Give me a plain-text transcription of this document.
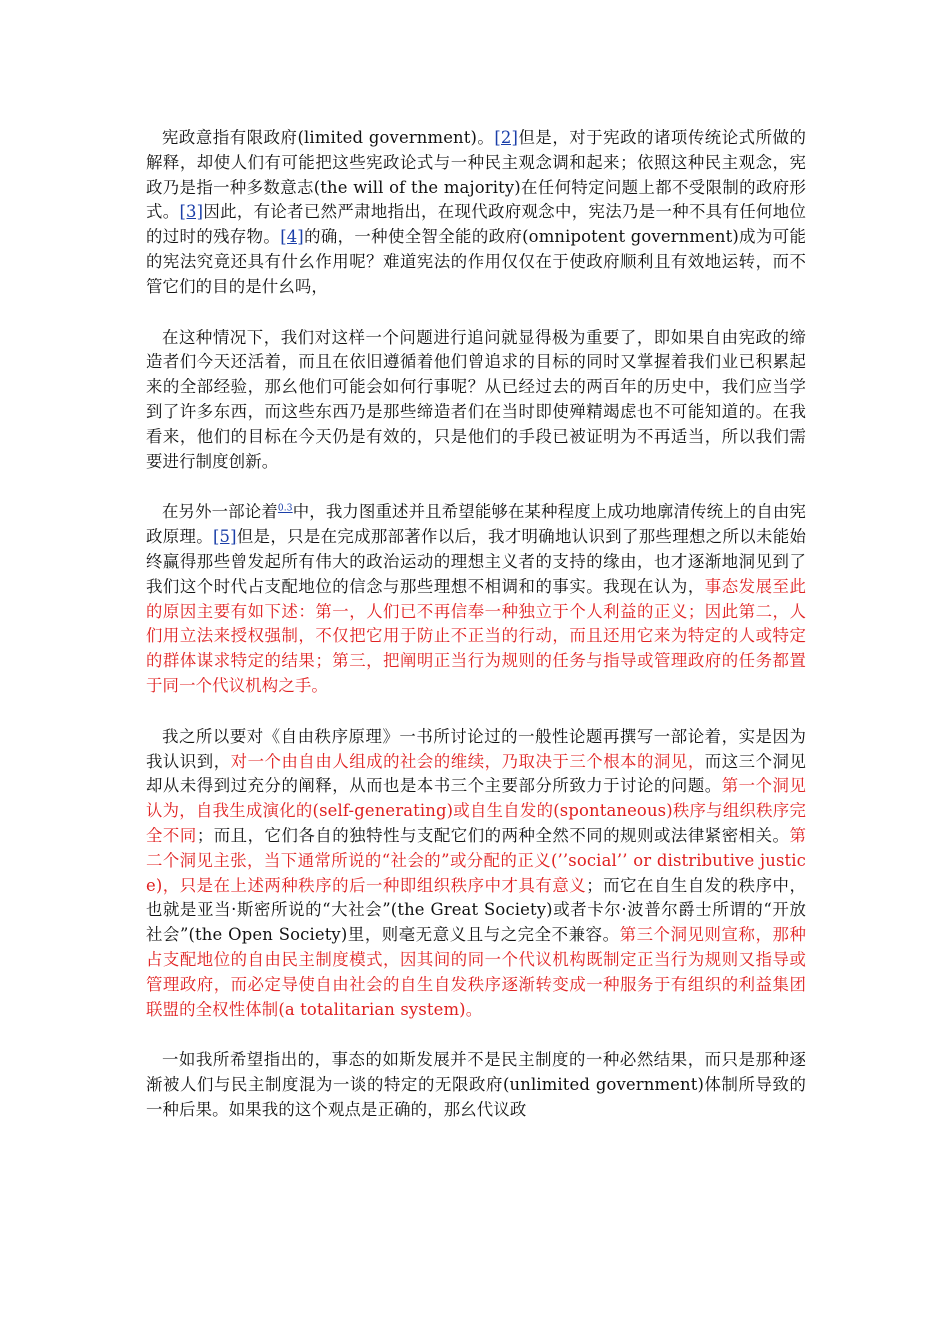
宪政意指有限政府(limited government)。[2]但是，对于宪政的诸项传统论式所做的解释，却使人们有可能把这些宪政论式与一种民主观念调和起来；依照这种民主观念，宪政乃是指一种多数意志(the will of the majority)在任何特定问题上都不受限制的政府形式。[3]因此，有论者已然严肃地指出，在现代政府观念中，宪法乃是一种不具有任何地位的过时的残存物。[4]的确，一种使全智全能的政府(omnipotent government)成为可能的宪法究竟还具有什幺作用呢？难道宪法的作用仅仅在于使政府顺利且有效地运转，而不管它们的目的是什幺吗，

在这种情况下，我们对这样一个问题进行追问就显得极为重要了，即如果自由宪政的缔造者们今天还活着，而且在依旧遵循着他们曾追求的目标的同时又掌握着我们业已积累起来的全部经验，那幺他们可能会如何行事呢？从已经过去的两百年的历史中，我们应当学到了许多东西，而这些东西乃是那些缔造者们在当时即使殚精竭虑也不可能知道的。在我看来，他们的目标在今天仍是有效的，只是他们的手段已被证明为不再适当，所以我们需要进行制度创新。

在另外一部论着$^{0.3}$中，我力图重述并且希望能够在某种程度上成功地廓清传统上的自由宪政原理。[5]但是，只是在完成那部著作以后，我才明确地认识到了那些理想之所以未能始终赢得那些曾发起所有伟大的政治运动的理想主义者的支持的缘由，也才逐渐地洞见到了我们这个时代占支配地位的信念与那些理想不相调和的事实。我现在认为，事态发展至此的原因主要有如下述：第一，人们已不再信奉一种独立于个人利益的正义；因此第二，人们用立法来授权强制，不仅把它用于防止不正当的行动，而且还用它来为特定的人或特定的群体谋求特定的结果；第三，把阐明正当行为规则的任务与指导或管理政府的任务都置于同一个代议机构之手。

我之所以要对《自由秩序原理》一书所讨论过的一般性论题再撰写一部论着，实是因为我认识到，对一个由自由人组成的社会的维续，乃取决于三个根本的洞见，而这三个洞见却从未得到过充分的阐释，从而也是本书三个主要部分所致力于讨论的问题。第一个洞见认为，自我生成演化的(self-generating)或自生自发的(spontaneous)秩序与组织秩序完全不同；而且，它们各自的独特性与支配它们的两种全然不同的规则或法律紧密相关。第二个洞见主张，当下通常所说的“社会的”或分配的正义(’’social’’ or distributive justice)，只是在上述两种秩序的后一种即组织秩序中才具有意义；而它在自生自发的秩序中，也就是亚当·斯密所说的“大社会”(the Great Society)或者卡尔·波普尔爵士所谓的“开放社会”(the Open Society)里，则毫无意义且与之完全不兼容。第三个洞见则宣称，那种占支配地位的自由民主制度模式，因其间的同一个代议机构既制定正当行为规则又指导或管理政府，而必定导使自由社会的自生自发秩序逐渐转变成一种服务于有组织的利益集团联盟的全权性体制(a totalitarian system)。

一如我所希望指出的，事态的如斯发展并不是民主制度的一种必然结果，而只是那种逐渐被人们与民主制度混为一谈的特定的无限政府(unlimited government)体制所导致的一种后果。如果我的这个观点是正确的，那幺代议政
